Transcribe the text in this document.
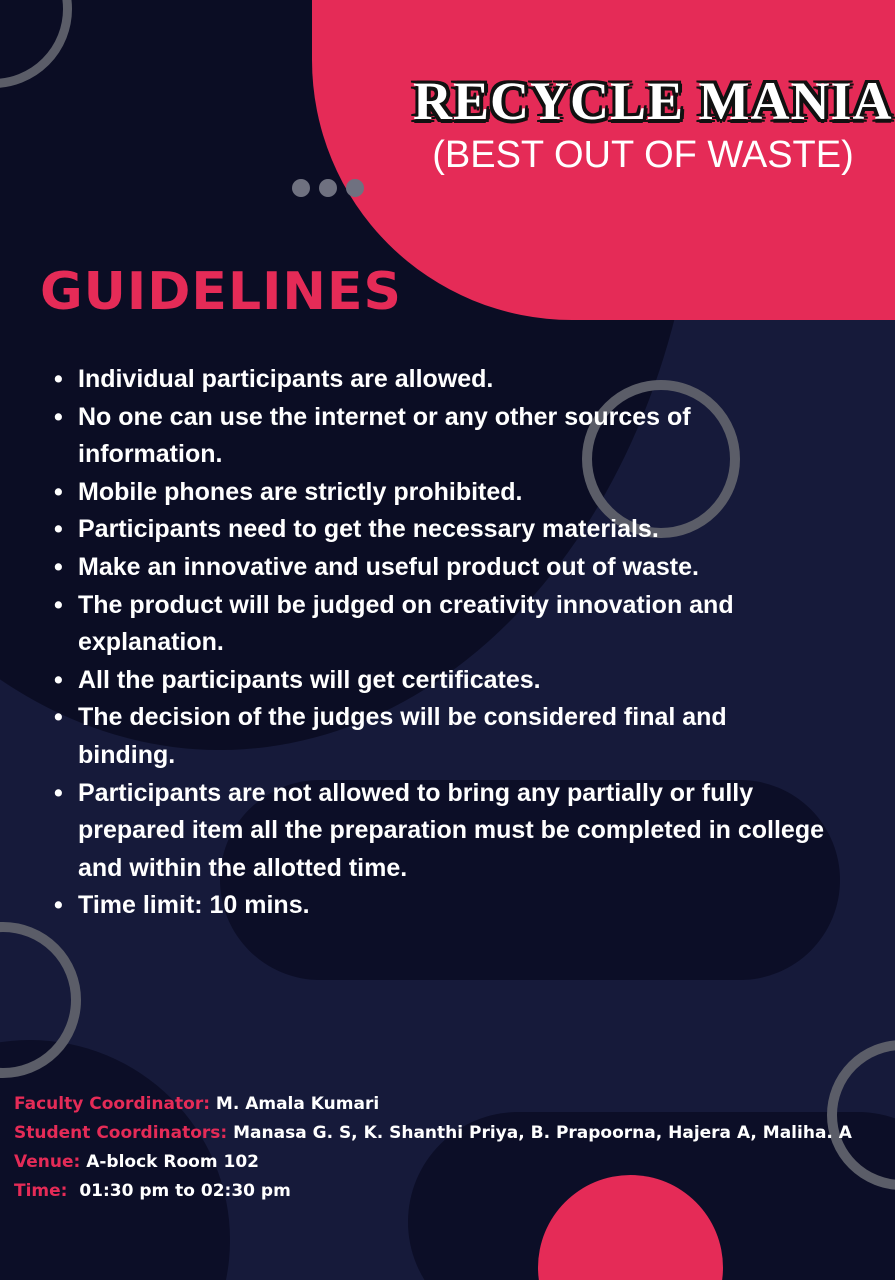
RECYCLE MANIA
(BEST OUT OF WASTE)
GUIDELINES
• Individual participants are allowed.
• No one can use the internet or any other sources of information.
• Mobile phones are strictly prohibited.
• Participants need to get the necessary materials.
• Make an innovative and useful product out of waste.
• The product will be judged on creativity innovation and explanation.
• All the participants will get certificates.
• The decision of the judges will be considered final and binding.
• Participants are not allowed to bring any partially or fully prepared item all the preparation must be completed in college and within the allotted time.
• Time limit: 10 mins.
Faculty Coordinator: M. Amala Kumari
Student Coordinators: Manasa G. S, K. Shanthi Priya, B. Prapoorna, Hajera A, Maliha. A
Venue: A-block Room 102
Time: 01:30 pm to 02:30 pm
